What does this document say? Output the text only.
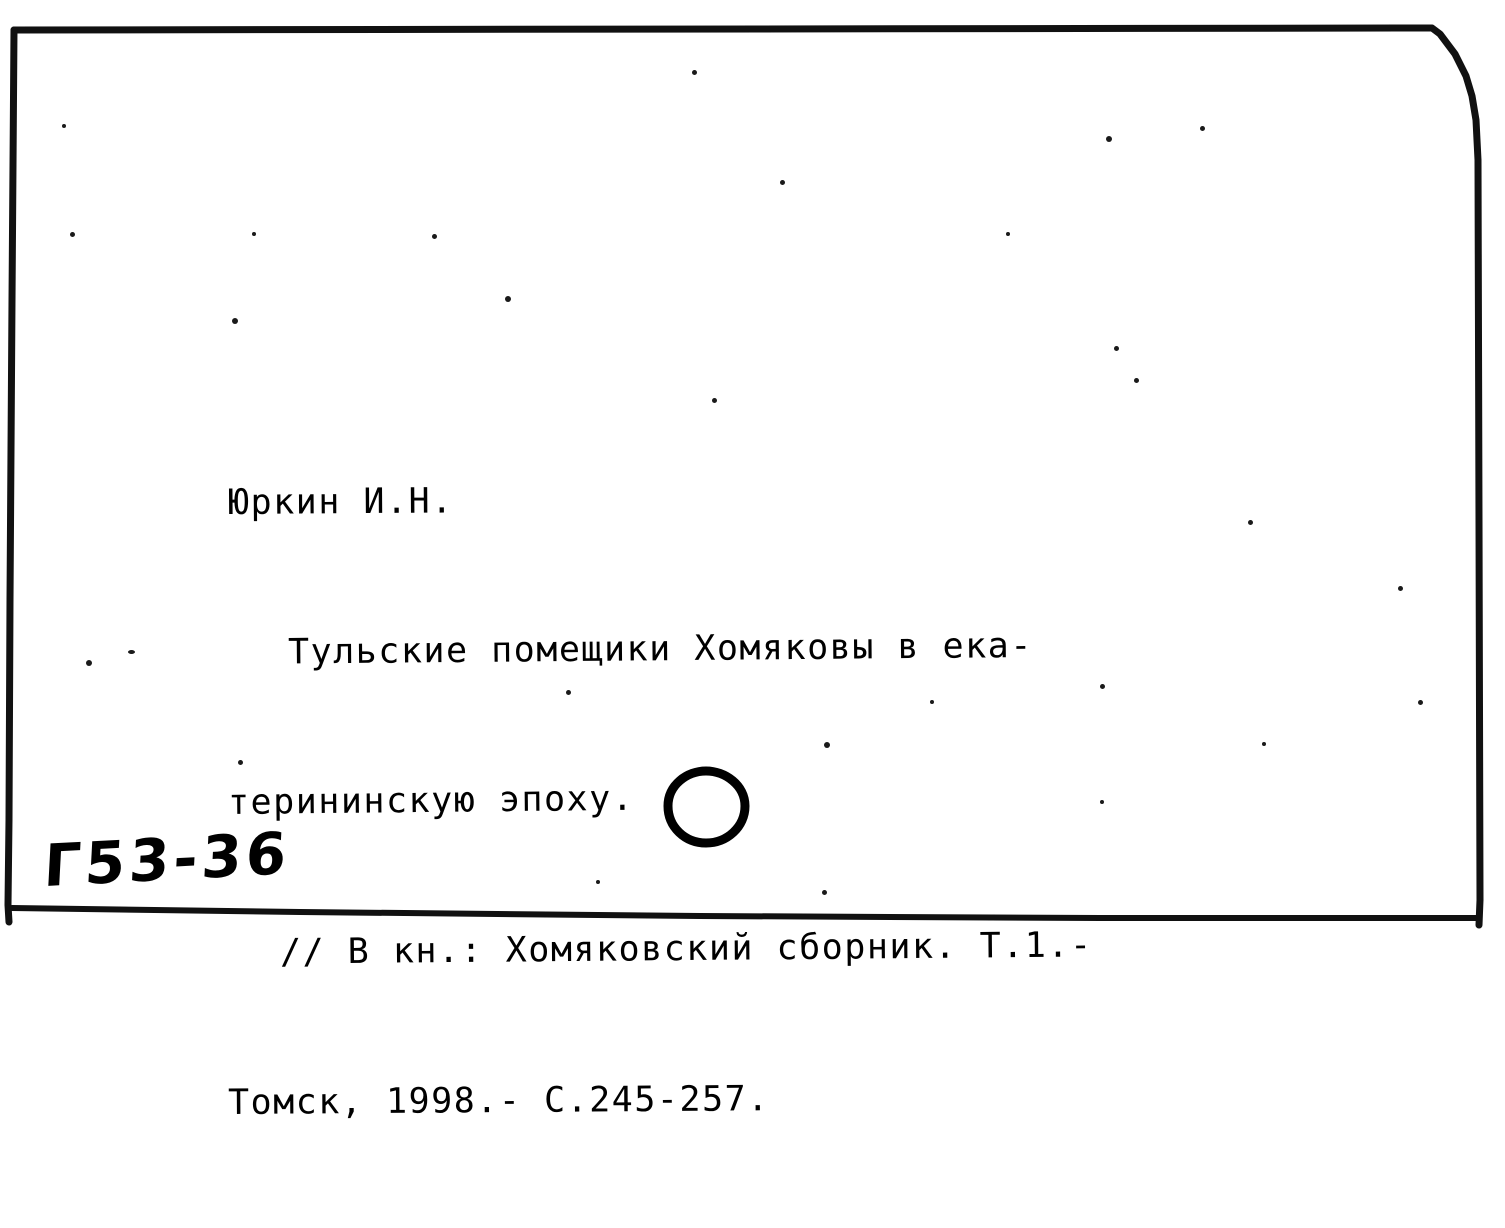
Юркин И.Н.

Тульские помещики Хомяковы в ека-

терининскую эпоху.

// В кн.: Хомяковский сборник. Т.1.-

Томск, 1998.- С.245-257.

Г53-36
